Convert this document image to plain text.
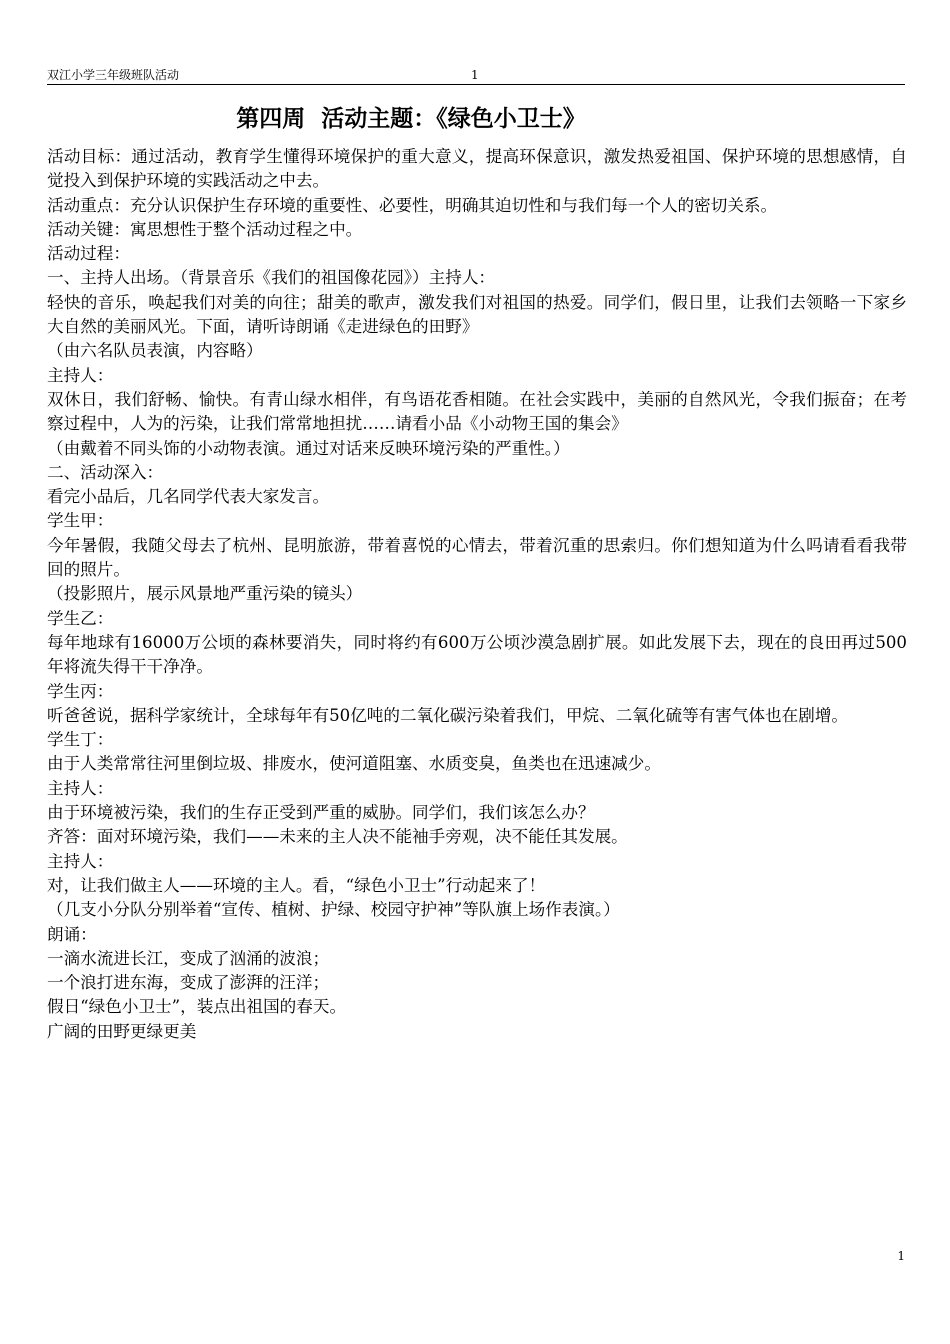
双江小学三年级班队活动	1
第四周  活动主题：《绿色小卫士》

活动目标：通过活动，教育学生懂得环境保护的重大意义，提高环保意识，激发热爱祖国、保护环境的思想感情，自觉投入到保护环境的实践活动之中去。

活动重点：充分认识保护生存环境的重要性、必要性，明确其迫切性和与我们每一个人的密切关系。

活动关键：寓思想性于整个活动过程之中。

活动过程：

一、主持人出场。（背景音乐《我们的祖国像花园》）主持人：

轻快的音乐，唤起我们对美的向往；甜美的歌声，激发我们对祖国的热爱。同学们，假日里，让我们去领略一下家乡大自然的美丽风光。下面，请听诗朗诵《走进绿色的田野》

（由六名队员表演，内容略）

主持人：

双休日，我们舒畅、愉快。有青山绿水相伴，有鸟语花香相随。在社会实践中，美丽的自然风光，令我们振奋；在考察过程中，人为的污染，让我们常常地担扰……请看小品《小动物王国的集会》

（由戴着不同头饰的小动物表演。通过对话来反映环境污染的严重性。）

二、活动深入：

看完小品后，几名同学代表大家发言。

学生甲：

今年暑假，我随父母去了杭州、昆明旅游，带着喜悦的心情去，带着沉重的思索归。你们想知道为什么吗请看看我带回的照片。

（投影照片，展示风景地严重污染的镜头）

学生乙：

每年地球有16000万公顷的森林要消失，同时将约有600万公顷沙漠急剧扩展。如此发展下去，现在的良田再过500年将流失得干干净净。

学生丙：

听爸爸说，据科学家统计，全球每年有50亿吨的二氧化碳污染着我们，甲烷、二氧化硫等有害气体也在剧增。

学生丁：

由于人类常常往河里倒垃圾、排废水，使河道阻塞、水质变臭，鱼类也在迅速减少。

主持人：

由于环境被污染，我们的生存正受到严重的威胁。同学们，我们该怎么办？

齐答：面对环境污染，我们——未来的主人决不能袖手旁观，决不能任其发展。

主持人：

对，让我们做主人——环境的主人。看，“绿色小卫士”行动起来了！

（几支小分队分别举着“宣传、植树、护绿、校园守护神”等队旗上场作表演。）

朗诵：

一滴水流进长江，变成了汹涌的波浪；

一个浪打进东海，变成了澎湃的汪洋；

假日“绿色小卫士”，装点出祖国的春天。

广阔的田野更绿更美

1
